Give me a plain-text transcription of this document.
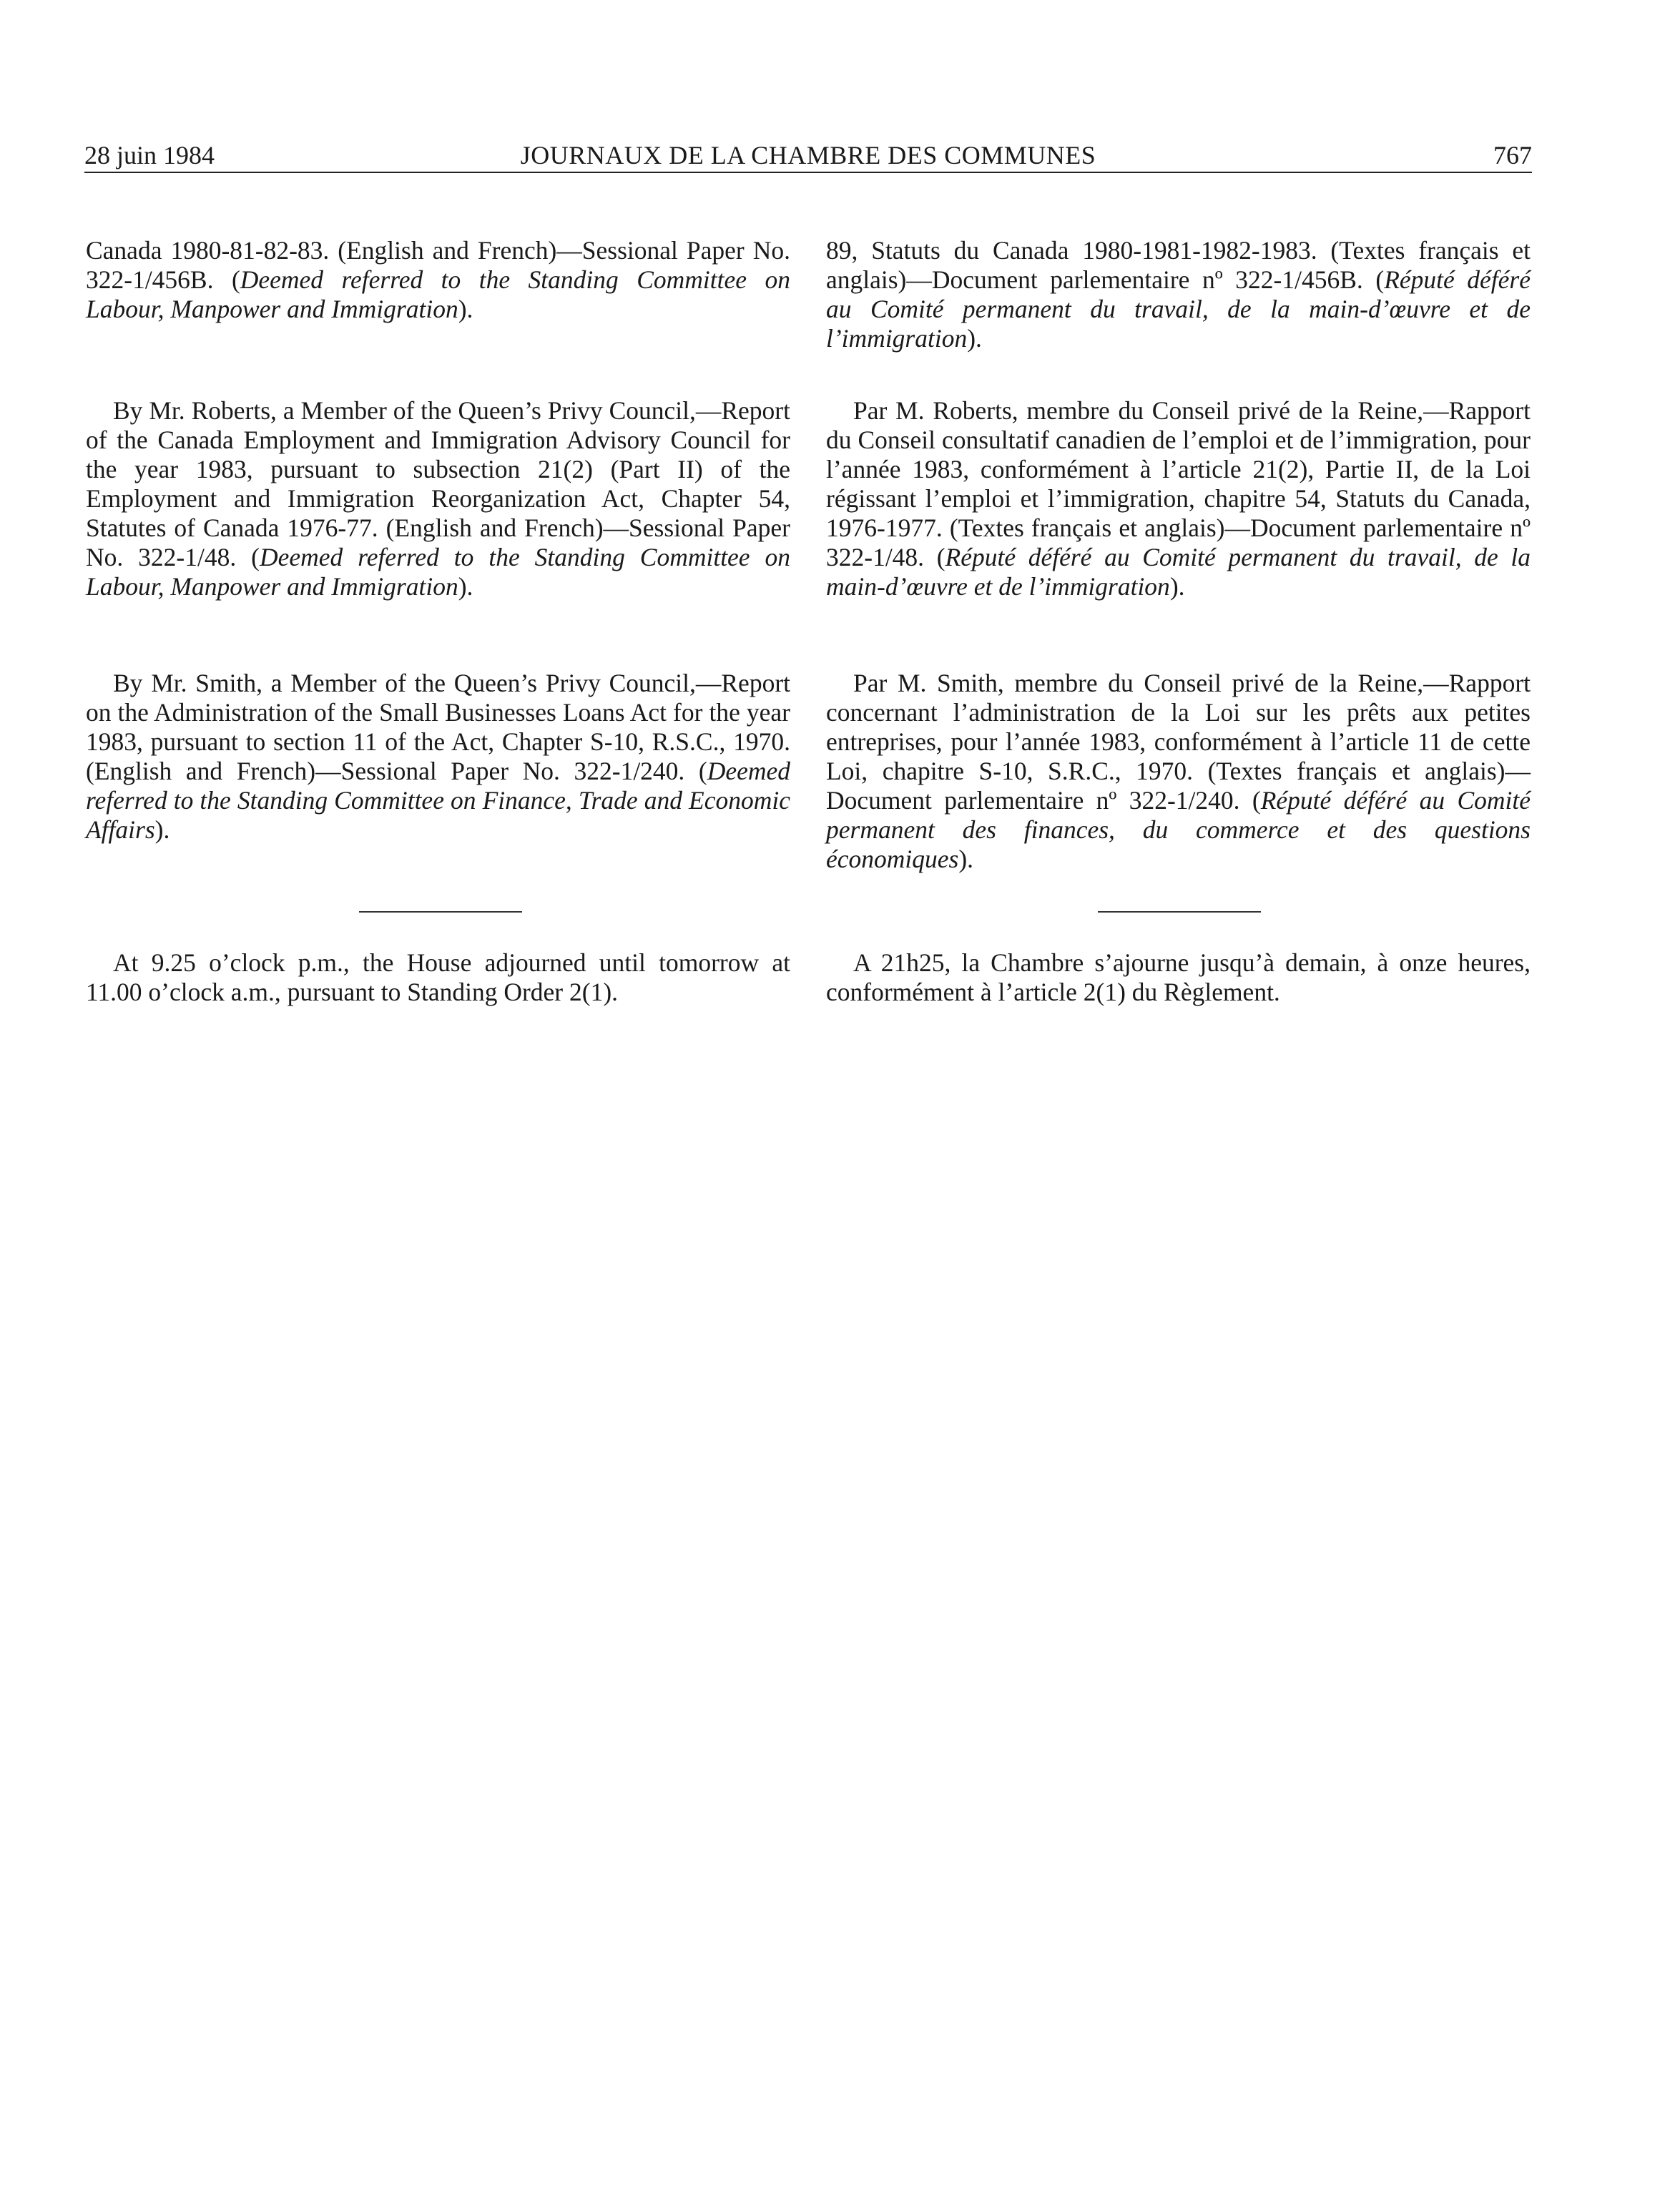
28 juin 1984	JOURNAUX DE LA CHAMBRE DES COMMUNES	767

Canada 1980-81-82-83. (English and French)—Sessional Paper No. 322-1/456B. (Deemed referred to the Standing Committee on Labour, Manpower and Immigration).

By Mr. Roberts, a Member of the Queen’s Privy Council,—Report of the Canada Employment and Immigration Advisory Council for the year 1983, pursuant to subsection 21(2) (Part II) of the Employment and Immigration Reorganization Act, Chapter 54, Statutes of Canada 1976-77. (English and French)—Sessional Paper No. 322-1/48. (Deemed referred to the Standing Committee on Labour, Manpower and Immigration).

By Mr. Smith, a Member of the Queen’s Privy Council,—Report on the Administration of the Small Businesses Loans Act for the year 1983, pursuant to section 11 of the Act, Chapter S-10, R.S.C., 1970. (English and French)—Sessional Paper No. 322-1/240. (Deemed referred to the Standing Committee on Finance, Trade and Economic Affairs).

At 9.25 o’clock p.m., the House adjourned until tomorrow at 11.00 o’clock a.m., pursuant to Standing Order 2(1).

89, Statuts du Canada 1980-1981-1982-1983. (Textes français et anglais)—Document parlementaire nº 322-1/456B. (Réputé déféré au Comité permanent du travail, de la main-d’œuvre et de l’immigration).

Par M. Roberts, membre du Conseil privé de la Reine,—Rapport du Conseil consultatif canadien de l’emploi et de l’immigration, pour l’année 1983, conformément à l’article 21(2), Partie II, de la Loi régissant l’emploi et l’immigration, chapitre 54, Statuts du Canada, 1976-1977. (Textes français et anglais)—Document parlementaire nº 322-1/48. (Réputé déféré au Comité permanent du travail, de la main-d’œuvre et de l’immigration).

Par M. Smith, membre du Conseil privé de la Reine,—Rapport concernant l’administration de la Loi sur les prêts aux petites entreprises, pour l’année 1983, conformément à l’article 11 de cette Loi, chapitre S-10, S.R.C., 1970. (Textes français et anglais)—Document parlementaire nº 322-1/240. (Réputé déféré au Comité permanent des finances, du commerce et des questions économiques).

A 21h25, la Chambre s’ajourne jusqu’à demain, à onze heures, conformément à l’article 2(1) du Règlement.
